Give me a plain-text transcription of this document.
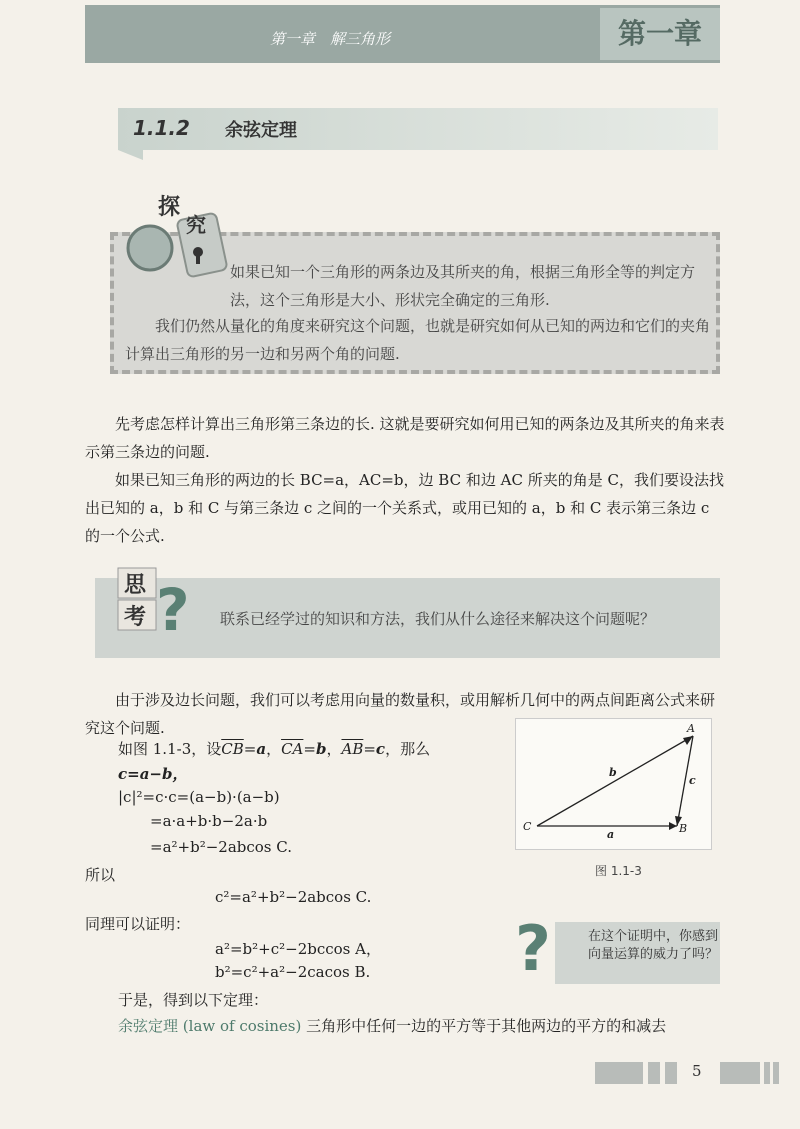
第一章　解三角形	第一章
1.1.2 余弦定理
探
究
如果已知一个三角形的两条边及其所夹的角，根据三角形全等的判定方法，这个三角形是大小、形状完全确定的三角形.
我们仍然从量化的角度来研究这个问题，也就是研究如何从已知的两边和它们的夹角计算出三角形的另一边和另两个角的问题.
先考虑怎样计算出三角形第三条边的长. 这就是要研究如何用已知的两条边及其所夹的角来表示第三条边的问题.
如果已知三角形的两边的长 BC=a，AC=b，边 BC 和边 AC 所夹的角是 C，我们要设法找出已知的 a，b 和 C 与第三条边 c 之间的一个关系式，或用已知的 a，b 和 C 表示第三条边 c 的一个公式.
思
考 ? 联系已经学过的知识和方法，我们从什么途径来解决这个问题呢？
由于涉及边长问题，我们可以考虑用向量的数量积，或用解析几何中的两点间距离公式来研究这个问题.
如图 1.1-3，设$\overline{CB}=a$，$\overline{CA}=b$，$\overline{AB}=c$，那么
c=a−b，
|c|²=c·c=(a−b)·(a−b)
=a·a+b·b−2a·b
=a²+b²−2abcos C.
所以
c²=a²+b²−2abcos C.
同理可以证明：
a²=b²+c²−2bccos A，
b²=c²+a²−2cacos B.
于是，得到以下定理：
余弦定理 (law of cosines) 三角形中任何一边的平方等于其他两边的平方的和减去
C	B
A
a
b
c
图 1.1-3
?	在这个证明中，你感到向量运算的威力了吗？
5
